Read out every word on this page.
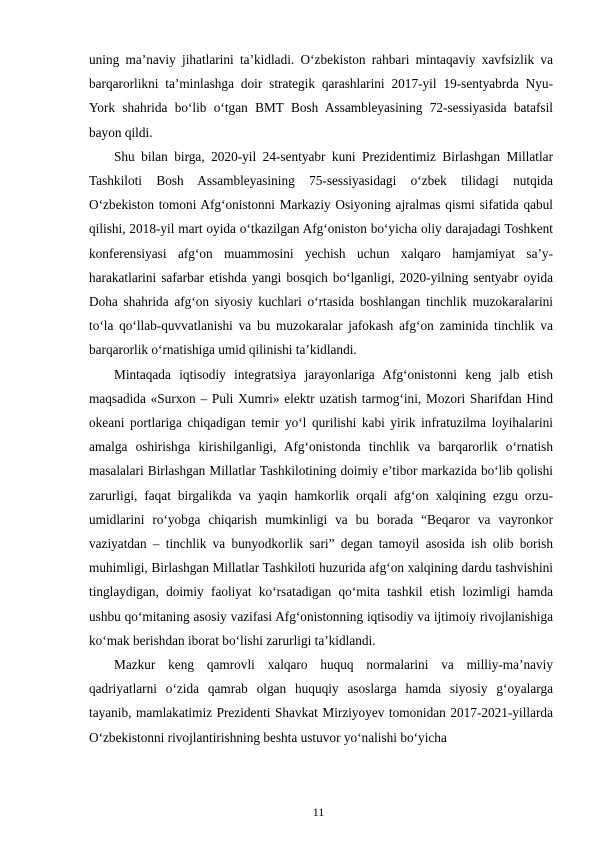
uning ma’naviy jihatlarini ta’kidladi. O‘zbekiston rahbari mintaqaviy xavfsizlik va barqarorlikni ta’minlashga doir strategik qarashlarini 2017-yil 19-sentyabrda Nyu-York shahrida bo‘lib o‘tgan BMT Bosh Assambleyasining 72-sessiyasida batafsil bayon qildi.

Shu bilan birga, 2020-yil 24-sentyabr kuni Prezidentimiz Birlashgan Millatlar Tashkiloti Bosh Assambleyasining 75-sessiyasidagi o‘zbek tilidagi nutqida O‘zbekiston tomoni Afg‘onistonni Markaziy Osiyoning ajralmas qismi sifatida qabul qilishi, 2018-yil mart oyida o‘tkazilgan Afg‘oniston bo‘yicha oliy darajadagi Toshkent konferensiyasi afg‘on muammosini yechish uchun xalqaro hamjamiyat sa’y-harakatlarini safarbar etishda yangi bosqich bo‘lganligi, 2020-yilning sentyabr oyida Doha shahrida afg‘on siyosiy kuchlari o‘rtasida boshlangan tinchlik muzokaralarini to‘la qo‘llab-quvvatlanishi va bu muzokaralar jafokash afg‘on zaminida tinchlik va barqarorlik o‘rnatishiga umid qilinishi ta’kidlandi.

Mintaqada iqtisodiy integratsiya jarayonlariga Afg‘onistonni keng jalb etish maqsadida «Surxon – Puli Xumri» elektr uzatish tarmog‘ini, Mozori Sharifdan Hind okeani portlariga chiqadigan temir yo‘l qurilishi kabi yirik infratuzilma loyihalarini amalga oshirishga kirishilganligi, Afg‘onistonda tinchlik va barqarorlik o‘rnatish masalalari Birlashgan Millatlar Tashkilotining doimiy e’tibor markazida bo‘lib qolishi zarurligi, faqat birgalikda va yaqin hamkorlik orqali afg‘on xalqining ezgu orzu-umidlarini ro‘yobga chiqarish mumkinligi va bu borada “Beqaror va vayronkor vaziyatdan – tinchlik va bunyodkorlik sari” degan tamoyil asosida ish olib borish muhimligi, Birlashgan Millatlar Tashkiloti huzurida afg‘on xalqining dardu tashvishini tinglaydigan, doimiy faoliyat ko‘rsatadigan qo‘mita tashkil etish lozimligi hamda ushbu qo‘mitaning asosiy vazifasi Afg‘onistonning iqtisodiy va ijtimoiy rivojlanishiga ko‘mak berishdan iborat bo‘lishi zarurligi ta’kidlandi.

Mazkur keng qamrovli xalqaro huquq normalarini va milliy-ma’naviy qadriyatlarni o‘zida qamrab olgan huquqiy asoslarga hamda siyosiy g‘oyalarga tayanib, mamlakatimiz Prezidenti Shavkat Mirziyoyev tomonidan 2017-2021-yillarda O‘zbekistonni rivojlantirishning beshta ustuvor yo‘nalishi bo‘yicha

11
